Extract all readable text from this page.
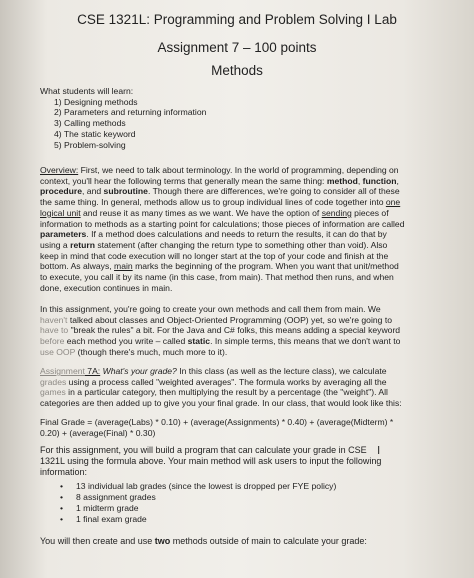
CSE 1321L: Programming and Problem Solving I Lab
Assignment 7 – 100 points
Methods
What students will learn:
1) Designing methods
2) Parameters and returning information
3) Calling methods
4) The static keyword
5) Problem-solving
Overview: First, we need to talk about terminology. In the world of programming, depending on
context, you'll hear the following terms that generally mean the same thing: method, function,
procedure, and subroutine. Though there are differences, we're going to consider all of these
the same thing. In general, methods allow us to group individual lines of code together into one
logical unit and reuse it as many times as we want. We have the option of sending pieces of
information to methods as a starting point for calculations; those pieces of information are called
parameters. If a method does calculations and needs to return the results, it can do that by
using a return statement (after changing the return type to something other than void). Also
keep in mind that code execution will no longer start at the top of your code and finish at the
bottom. As always, main marks the beginning of the program. When you want that unit/method
to execute, you call it by its name (in this case, from main). That method then runs, and when
done, execution continues in main.
In this assignment, you're going to create your own methods and call them from main. We
haven't talked about classes and Object-Oriented Programming (OOP) yet, so we're going to
have to "break the rules" a bit. For the Java and C# folks, this means adding a special keyword
before each method you write – called static. In simple terms, this means that we don't want to
use OOP (though there's much, much more to it).
Assignment 7A: What's your grade? In this class (as well as the lecture class), we calculate
grades using a process called "weighted averages". The formula works by averaging all the
games in a particular category, then multiplying the result by a percentage (the "weight"). All
categories are then added up to give you your final grade. In our class, that would look like this:
Final Grade = (average(Labs) * 0.10) + (average(Assignments) * 0.40) + (average(Midterm) *
0.20) + (average(Final) * 0.30)
For this assignment, you will build a program that can calculate your grade in CSE
1321L using the formula above. Your main method will ask users to input the following
information:
I
• 13 individual lab grades (since the lowest is dropped per FYE policy)
• 8 assignment grades
• 1 midterm grade
• 1 final exam grade
You will then create and use two methods outside of main to calculate your grade:
